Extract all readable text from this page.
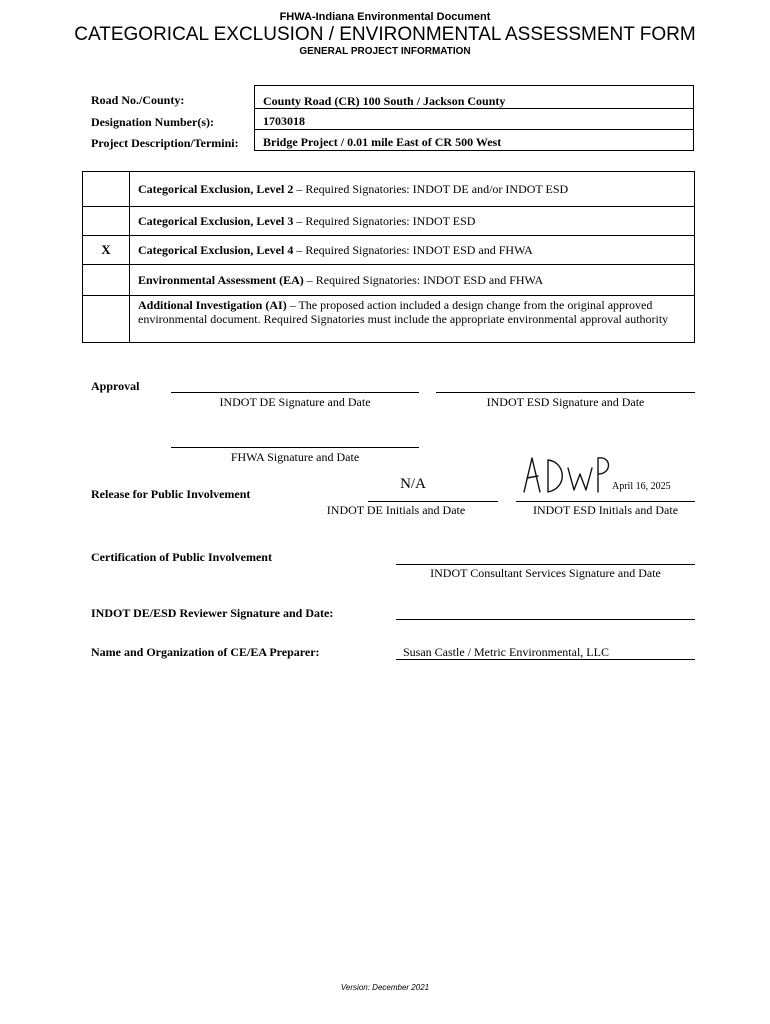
FHWA-Indiana Environmental Document
CATEGORICAL EXCLUSION / ENVIRONMENTAL ASSESSMENT FORM
GENERAL PROJECT INFORMATION
Road No./County:	County Road (CR) 100 South / Jackson County
Designation Number(s):	1703018
Project Description/Termini:	Bridge Project / 0.01 mile East of CR 500 West
Categorical Exclusion, Level 2 – Required Signatories: INDOT DE and/or INDOT ESD
Categorical Exclusion, Level 3 – Required Signatories: INDOT ESD
X	Categorical Exclusion, Level 4 – Required Signatories: INDOT ESD and FHWA
Environmental Assessment (EA) – Required Signatories: INDOT ESD and FHWA
Additional Investigation (AI) – The proposed action included a design change from the original approved environmental document. Required Signatories must include the appropriate environmental approval authority
Approval
INDOT DE Signature and Date	INDOT ESD Signature and Date
FHWA Signature and Date
Release for Public Involvement
N/A
INDOT DE Initials and Date
April 16, 2025
INDOT ESD Initials and Date
Certification of Public Involvement
INDOT Consultant Services Signature and Date
INDOT DE/ESD Reviewer Signature and Date:
Name and Organization of CE/EA Preparer:	Susan Castle / Metric Environmental, LLC
Version: December 2021
